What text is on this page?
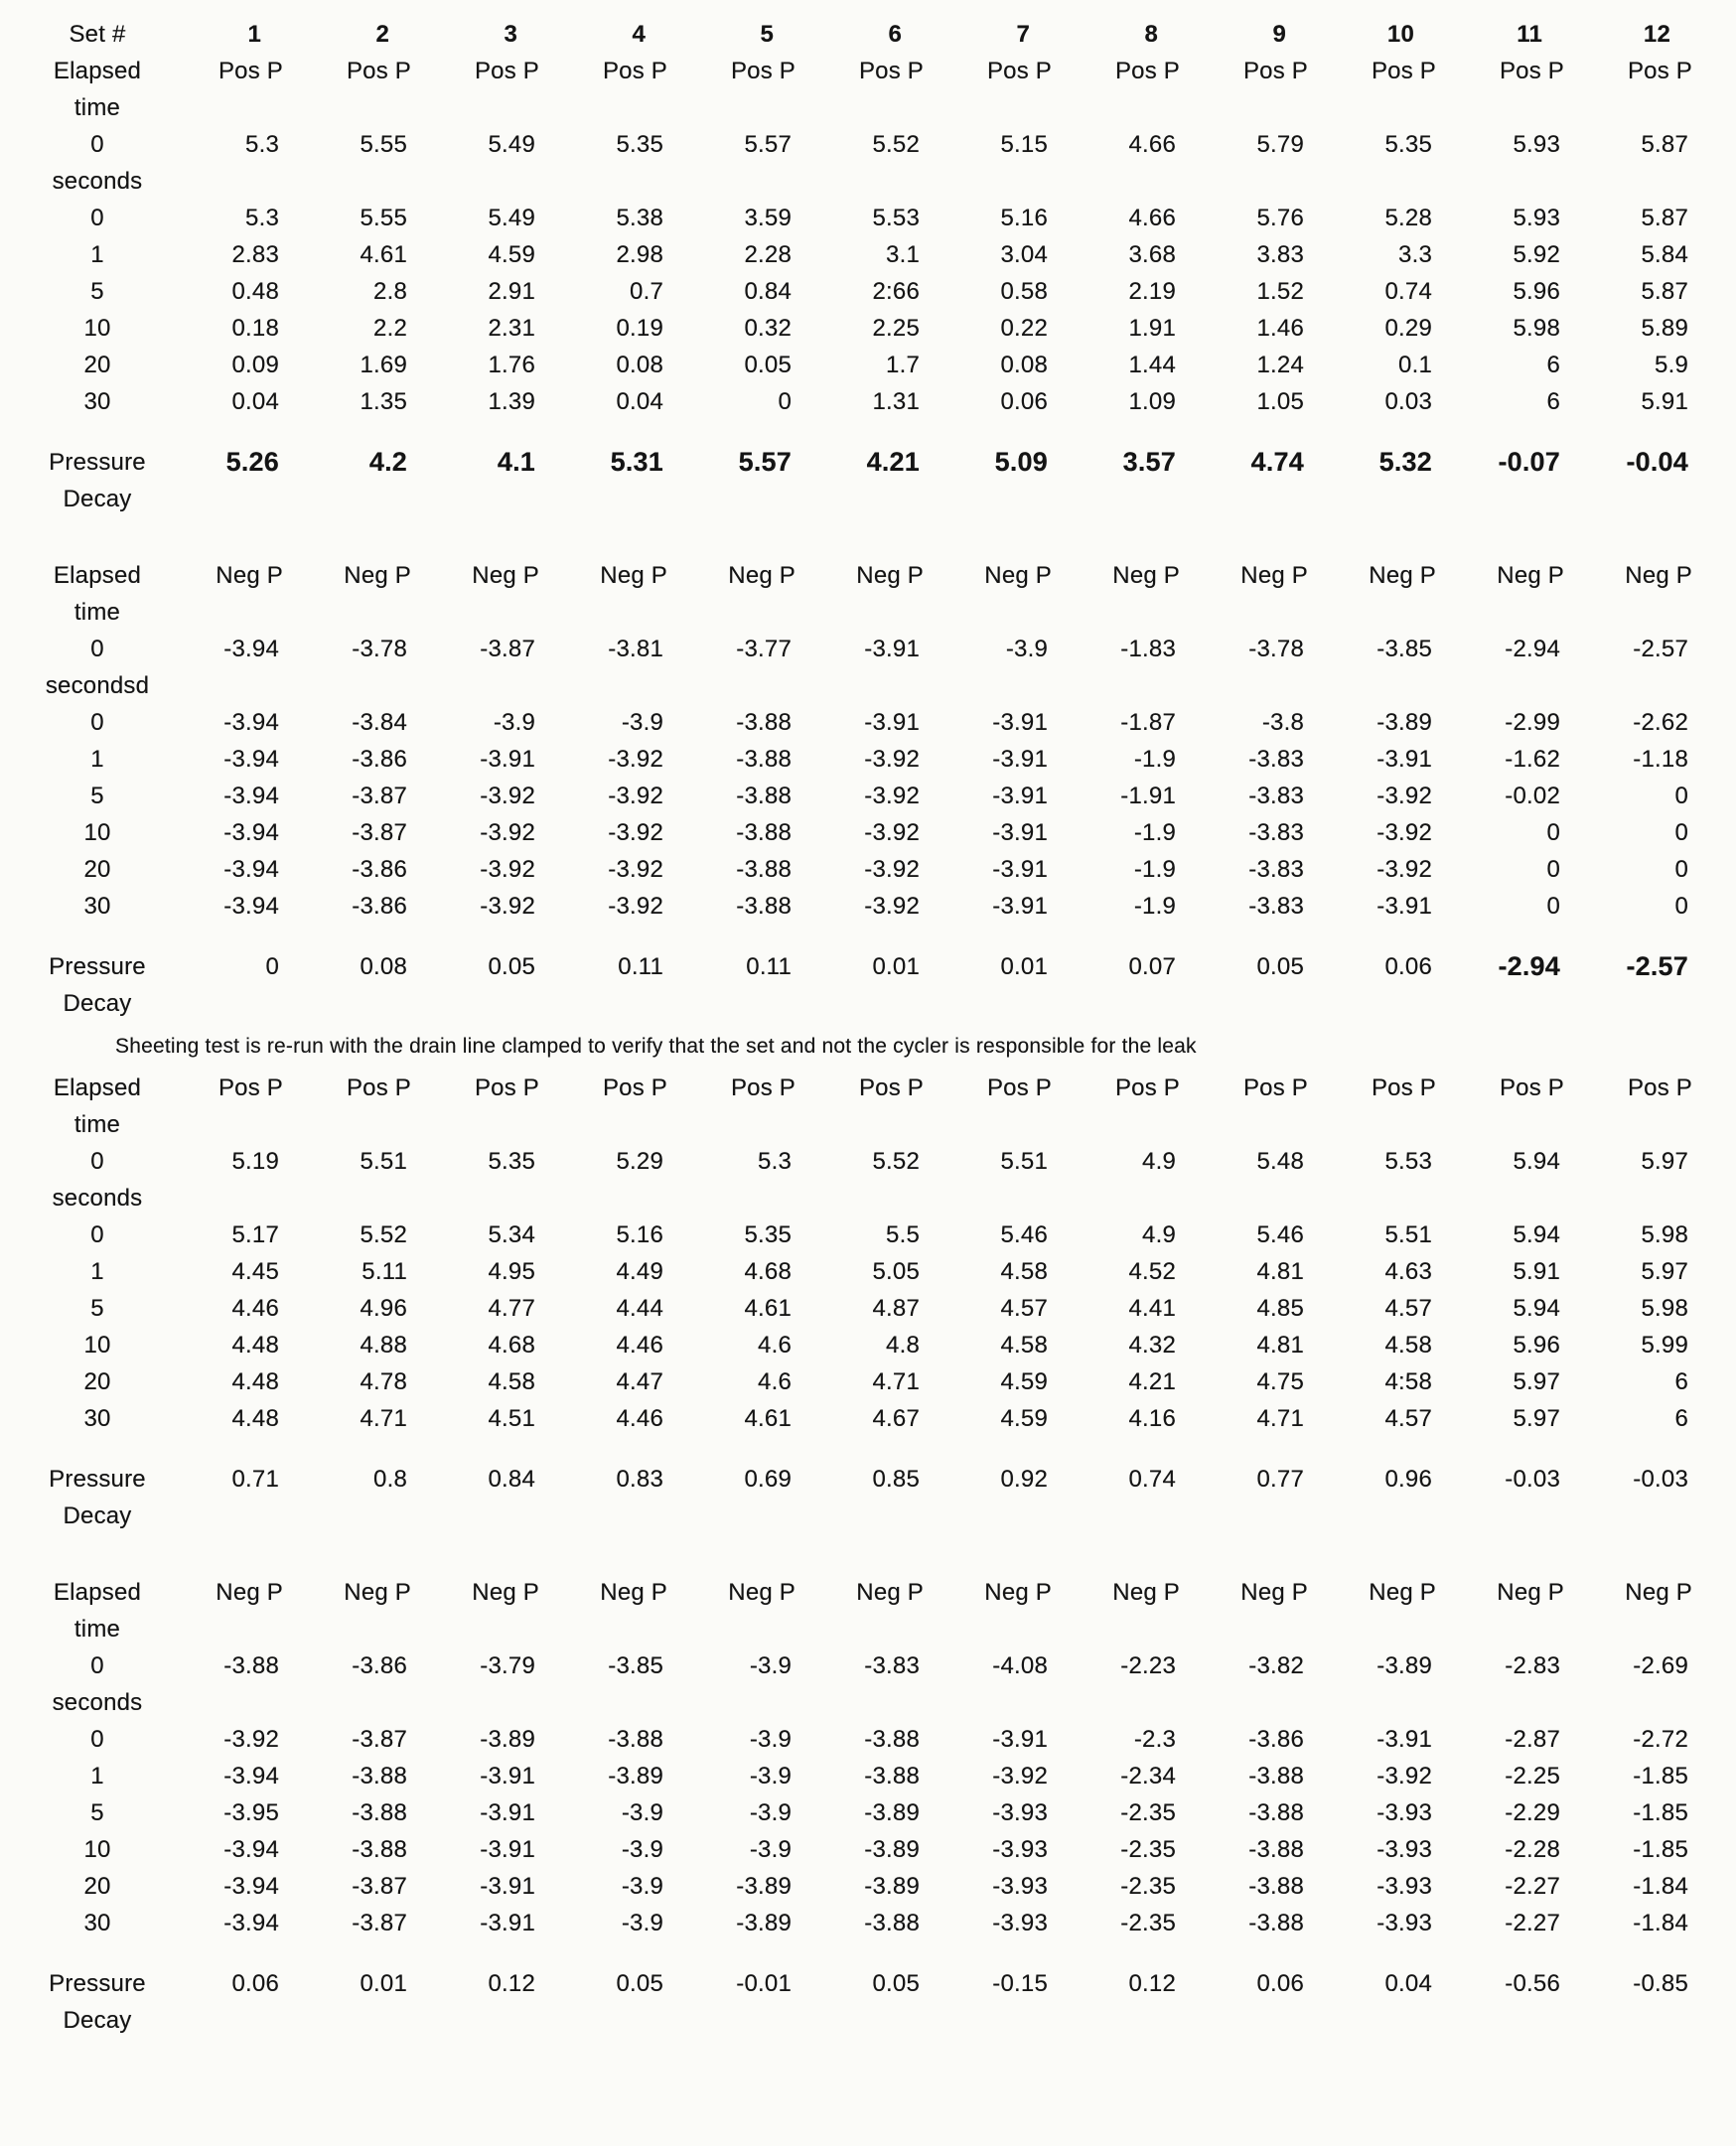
Set #	1	2	3	4	5	6	7	8	9	10	11	12
Elapsed	Pos P	Pos P	Pos P	Pos P	Pos P	Pos P	Pos P	Pos P	Pos P	Pos P	Pos P	Pos P
time												
0	5.3	5.55	5.49	5.35	5.57	5.52	5.15	4.66	5.79	5.35	5.93	5.87
seconds												
0	5.3	5.55	5.49	5.38	3.59	5.53	5.16	4.66	5.76	5.28	5.93	5.87
1	2.83	4.61	4.59	2.98	2.28	3.1	3.04	3.68	3.83	3.3	5.92	5.84
5	0.48	2.8	2.91	0.7	0.84	2:66	0.58	2.19	1.52	0.74	5.96	5.87
10	0.18	2.2	2.31	0.19	0.32	2.25	0.22	1.91	1.46	0.29	5.98	5.89
20	0.09	1.69	1.76	0.08	0.05	1.7	0.08	1.44	1.24	0.1	6	5.9
30	0.04	1.35	1.39	0.04	0	1.31	0.06	1.09	1.05	0.03	6	5.91

Pressure	5.26	4.2	4.1	5.31	5.57	4.21	5.09	3.57	4.74	5.32	-0.07	-0.04
Decay												

Elapsed	Neg P	Neg P	Neg P	Neg P	Neg P	Neg P	Neg P	Neg P	Neg P	Neg P	Neg P	Neg P
time												
0	-3.94	-3.78	-3.87	-3.81	-3.77	-3.91	-3.9	-1.83	-3.78	-3.85	-2.94	-2.57
secondsd												
0	-3.94	-3.84	-3.9	-3.9	-3.88	-3.91	-3.91	-1.87	-3.8	-3.89	-2.99	-2.62
1	-3.94	-3.86	-3.91	-3.92	-3.88	-3.92	-3.91	-1.9	-3.83	-3.91	-1.62	-1.18
5	-3.94	-3.87	-3.92	-3.92	-3.88	-3.92	-3.91	-1.91	-3.83	-3.92	-0.02	0
10	-3.94	-3.87	-3.92	-3.92	-3.88	-3.92	-3.91	-1.9	-3.83	-3.92	0	0
20	-3.94	-3.86	-3.92	-3.92	-3.88	-3.92	-3.91	-1.9	-3.83	-3.92	0	0
30	-3.94	-3.86	-3.92	-3.92	-3.88	-3.92	-3.91	-1.9	-3.83	-3.91	0	0

Pressure	0	0.08	0.05	0.11	0.11	0.01	0.01	0.07	0.05	0.06	-2.94	-2.57
Decay												
Sheeting test is re-run with the drain line clamped to verify that the set and not the cycler is responsible for the leak
Elapsed	Pos P	Pos P	Pos P	Pos P	Pos P	Pos P	Pos P	Pos P	Pos P	Pos P	Pos P	Pos P
time												
0	5.19	5.51	5.35	5.29	5.3	5.52	5.51	4.9	5.48	5.53	5.94	5.97
seconds												
0	5.17	5.52	5.34	5.16	5.35	5.5	5.46	4.9	5.46	5.51	5.94	5.98
1	4.45	5.11	4.95	4.49	4.68	5.05	4.58	4.52	4.81	4.63	5.91	5.97
5	4.46	4.96	4.77	4.44	4.61	4.87	4.57	4.41	4.85	4.57	5.94	5.98
10	4.48	4.88	4.68	4.46	4.6	4.8	4.58	4.32	4.81	4.58	5.96	5.99
20	4.48	4.78	4.58	4.47	4.6	4.71	4.59	4.21	4.75	4:58	5.97	6
30	4.48	4.71	4.51	4.46	4.61	4.67	4.59	4.16	4.71	4.57	5.97	6

Pressure	0.71	0.8	0.84	0.83	0.69	0.85	0.92	0.74	0.77	0.96	-0.03	-0.03
Decay												

Elapsed	Neg P	Neg P	Neg P	Neg P	Neg P	Neg P	Neg P	Neg P	Neg P	Neg P	Neg P	Neg P
time												
0	-3.88	-3.86	-3.79	-3.85	-3.9	-3.83	-4.08	-2.23	-3.82	-3.89	-2.83	-2.69
seconds												
0	-3.92	-3.87	-3.89	-3.88	-3.9	-3.88	-3.91	-2.3	-3.86	-3.91	-2.87	-2.72
1	-3.94	-3.88	-3.91	-3.89	-3.9	-3.88	-3.92	-2.34	-3.88	-3.92	-2.25	-1.85
5	-3.95	-3.88	-3.91	-3.9	-3.9	-3.89	-3.93	-2.35	-3.88	-3.93	-2.29	-1.85
10	-3.94	-3.88	-3.91	-3.9	-3.9	-3.89	-3.93	-2.35	-3.88	-3.93	-2.28	-1.85
20	-3.94	-3.87	-3.91	-3.9	-3.89	-3.89	-3.93	-2.35	-3.88	-3.93	-2.27	-1.84
30	-3.94	-3.87	-3.91	-3.9	-3.89	-3.88	-3.93	-2.35	-3.88	-3.93	-2.27	-1.84

Pressure	0.06	0.01	0.12	0.05	-0.01	0.05	-0.15	0.12	0.06	0.04	-0.56	-0.85
Decay												
